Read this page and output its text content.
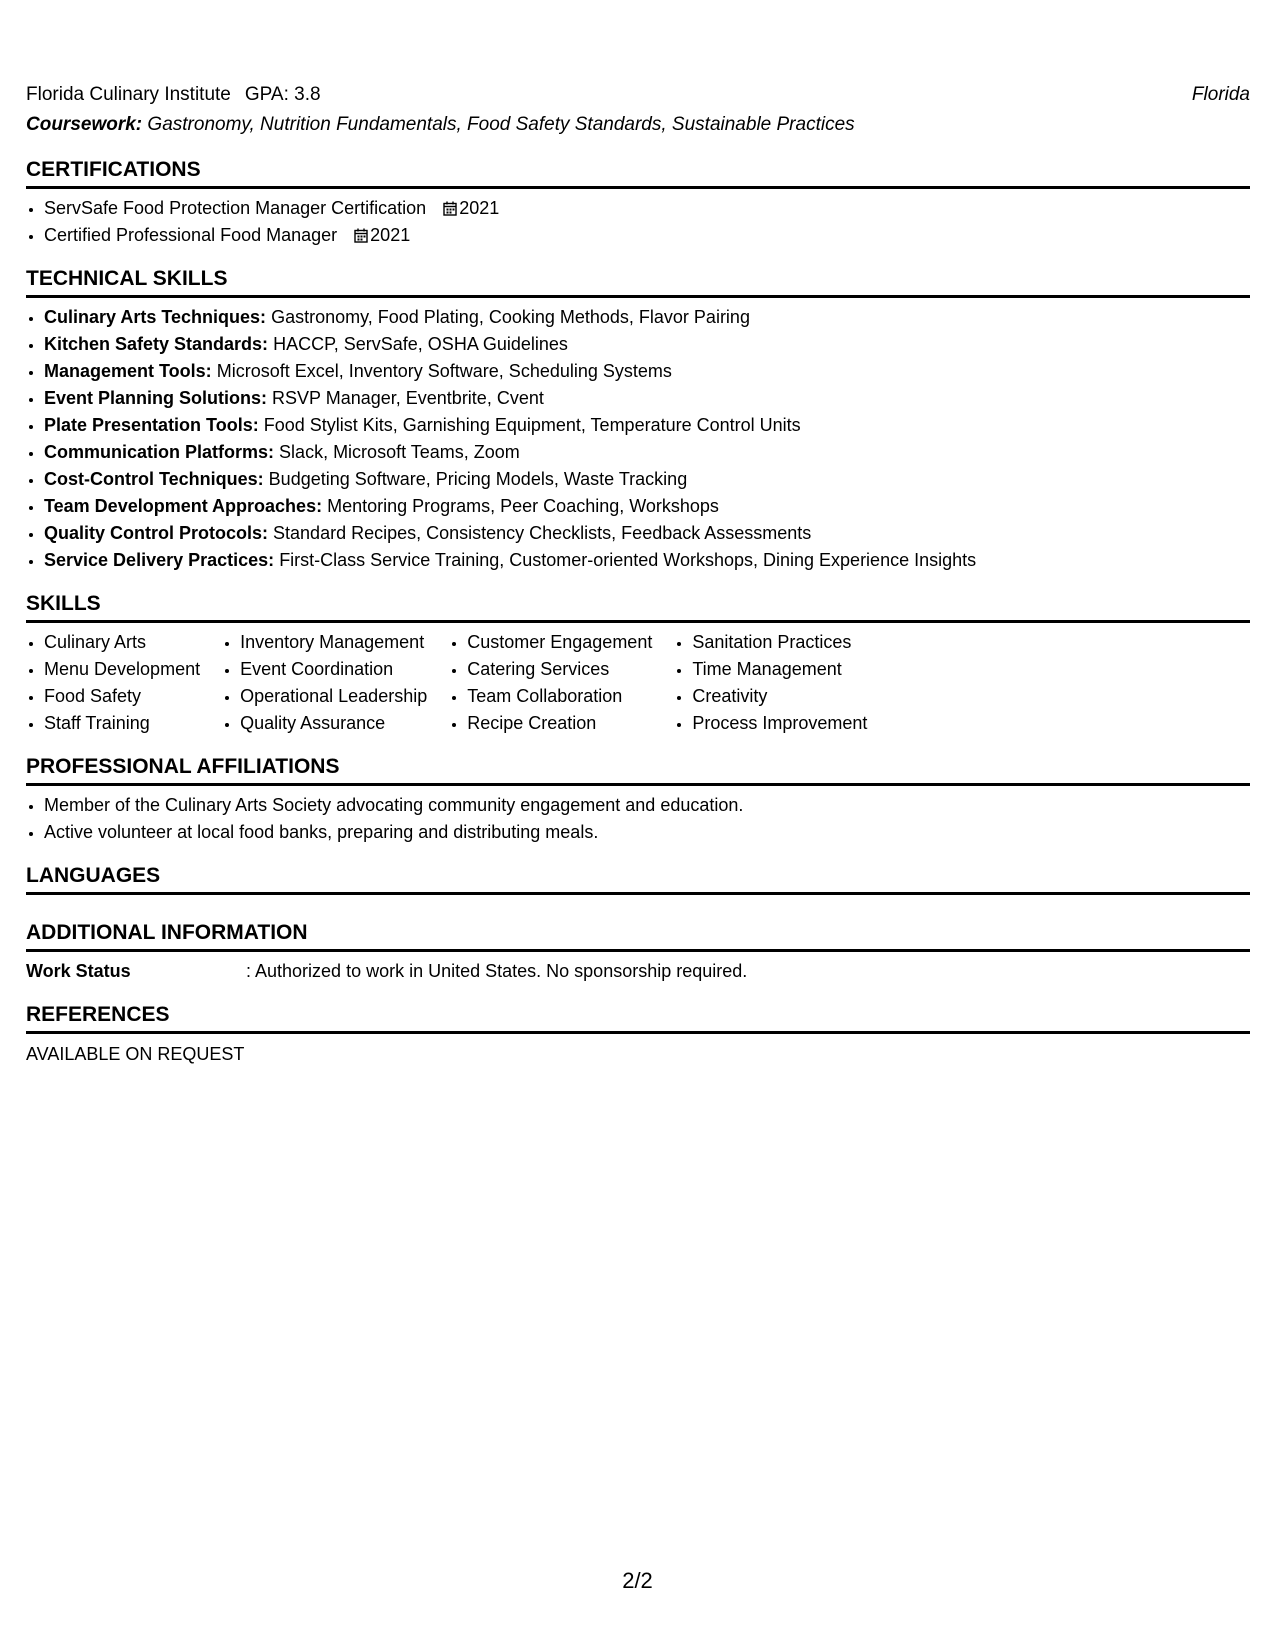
Florida Culinary Institute GPA: 3.8	Florida
Coursework: Gastronomy, Nutrition Fundamentals, Food Safety Standards, Sustainable Practices
CERTIFICATIONS
• ServSafe Food Protection Manager Certification 2021
• Certified Professional Food Manager 2021
TECHNICAL SKILLS
• Culinary Arts Techniques: Gastronomy, Food Plating, Cooking Methods, Flavor Pairing
• Kitchen Safety Standards: HACCP, ServSafe, OSHA Guidelines
• Management Tools: Microsoft Excel, Inventory Software, Scheduling Systems
• Event Planning Solutions: RSVP Manager, Eventbrite, Cvent
• Plate Presentation Tools: Food Stylist Kits, Garnishing Equipment, Temperature Control Units
• Communication Platforms: Slack, Microsoft Teams, Zoom
• Cost-Control Techniques: Budgeting Software, Pricing Models, Waste Tracking
• Team Development Approaches: Mentoring Programs, Peer Coaching, Workshops
• Quality Control Protocols: Standard Recipes, Consistency Checklists, Feedback Assessments
• Service Delivery Practices: First-Class Service Training, Customer-oriented Workshops, Dining Experience Insights
SKILLS
• Culinary Arts
• Menu Development
• Food Safety
• Staff Training
• Inventory Management
• Event Coordination
• Operational Leadership
• Quality Assurance
• Customer Engagement
• Catering Services
• Team Collaboration
• Recipe Creation
• Sanitation Practices
• Time Management
• Creativity
• Process Improvement
PROFESSIONAL AFFILIATIONS
• Member of the Culinary Arts Society advocating community engagement and education.
• Active volunteer at local food banks, preparing and distributing meals.
LANGUAGES
ADDITIONAL INFORMATION
Work Status	: Authorized to work in United States. No sponsorship required.
REFERENCES
AVAILABLE ON REQUEST
2/2
